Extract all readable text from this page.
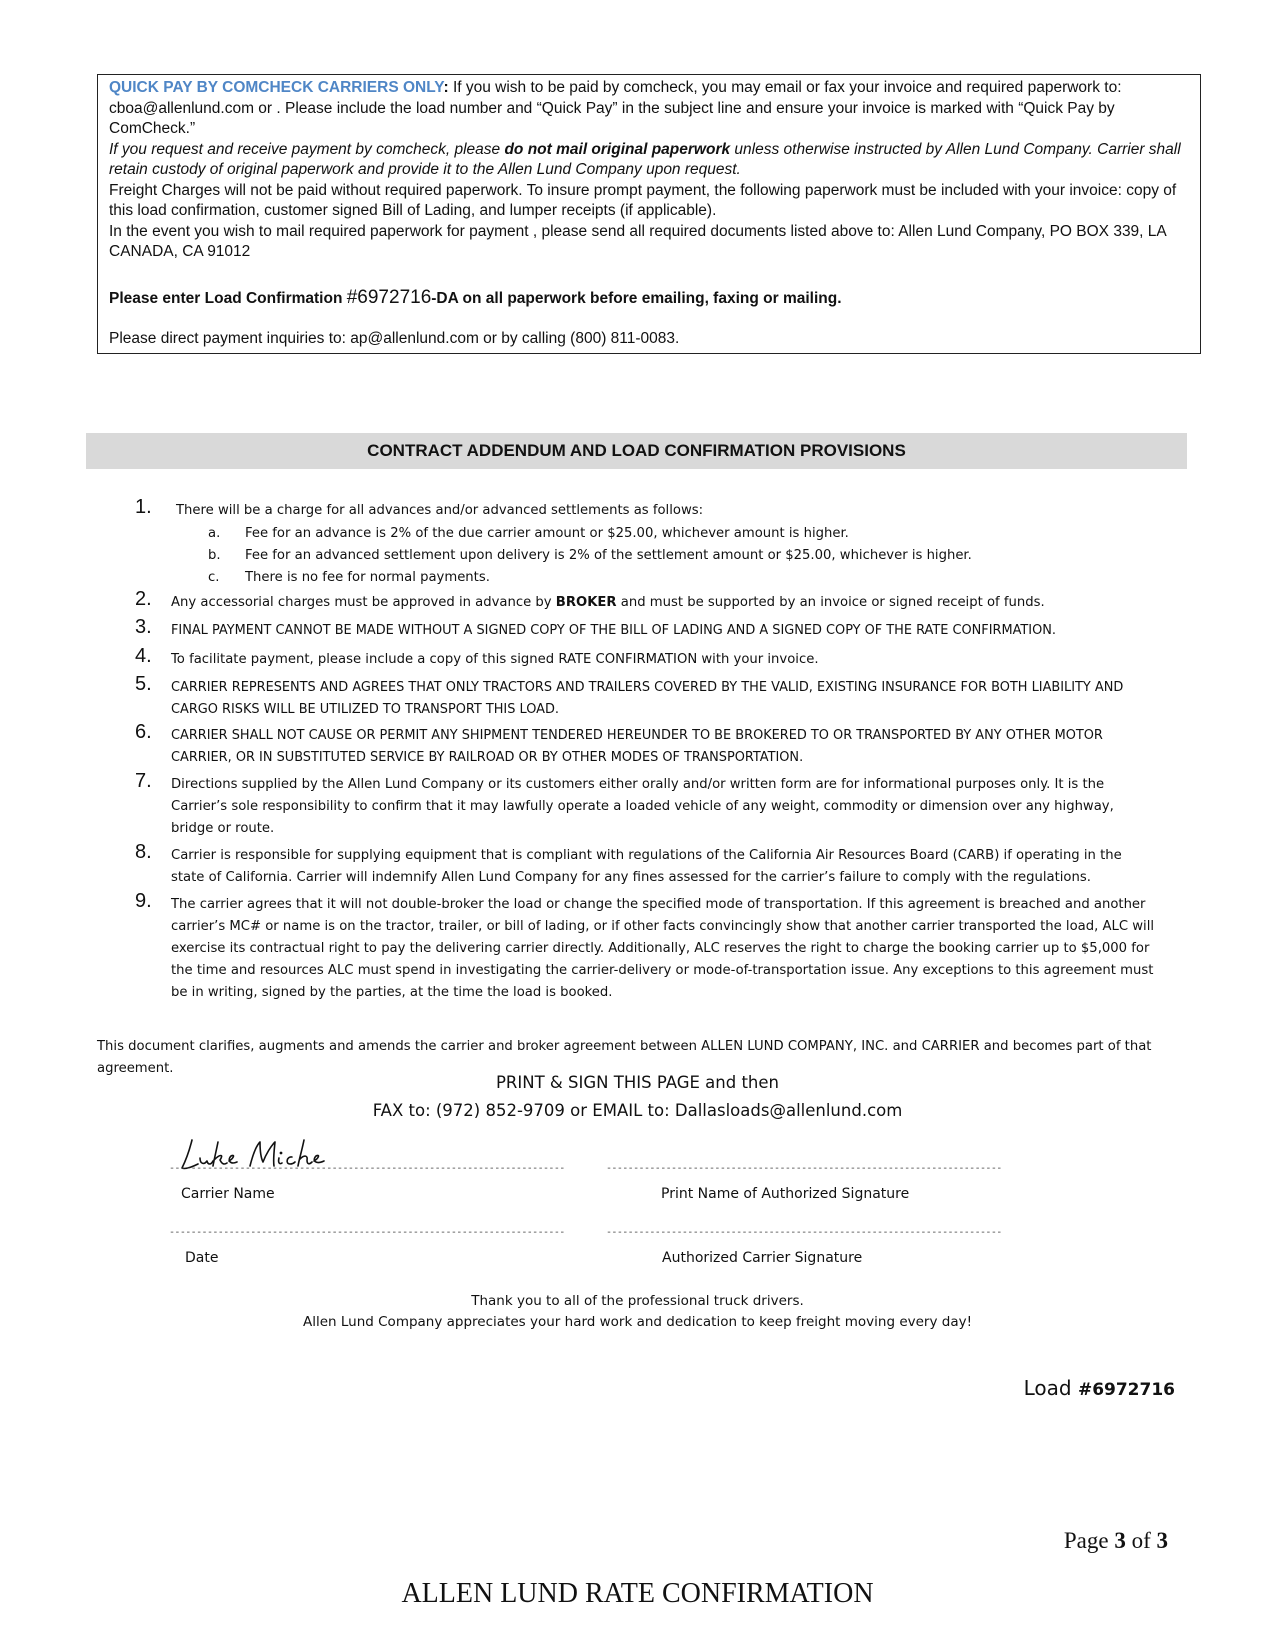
QUICK PAY BY COMCHECK CARRIERS ONLY: If you wish to be paid by comcheck, you may email or fax your invoice and required paperwork to: cboa@allenlund.com or . Please include the load number and “Quick Pay” in the subject line and ensure your invoice is marked with “Quick Pay by ComCheck.”

If you request and receive payment by comcheck, please do not mail original paperwork unless otherwise instructed by Allen Lund Company. Carrier shall retain custody of original paperwork and provide it to the Allen Lund Company upon request.

Freight Charges will not be paid without required paperwork. To insure prompt payment, the following paperwork must be included with your invoice: copy of this load confirmation, customer signed Bill of Lading, and lumper receipts (if applicable).

In the event you wish to mail required paperwork for payment , please send all required documents listed above to: Allen Lund Company, PO BOX 339, LA CANADA, CA 91012

Please enter Load Confirmation #6972716-DA on all paperwork before emailing, faxing or mailing.

Please direct payment inquiries to: ap@allenlund.com or by calling (800) 811-0083.

CONTRACT ADDENDUM AND LOAD CONFIRMATION PROVISIONS
1. There will be a charge for all advances and/or advanced settlements as follows:
a. Fee for an advance is 2% of the due carrier amount or $25.00, whichever amount is higher.
b. Fee for an advanced settlement upon delivery is 2% of the settlement amount or $25.00, whichever is higher.
c. There is no fee for normal payments.
2. Any accessorial charges must be approved in advance by BROKER and must be supported by an invoice or signed receipt of funds.
3. FINAL PAYMENT CANNOT BE MADE WITHOUT A SIGNED COPY OF THE BILL OF LADING AND A SIGNED COPY OF THE RATE CONFIRMATION.
4. To facilitate payment, please include a copy of this signed RATE CONFIRMATION with your invoice.
5. CARRIER REPRESENTS AND AGREES THAT ONLY TRACTORS AND TRAILERS COVERED BY THE VALID, EXISTING INSURANCE FOR BOTH LIABILITY AND
CARGO RISKS WILL BE UTILIZED TO TRANSPORT THIS LOAD.
6. CARRIER SHALL NOT CAUSE OR PERMIT ANY SHIPMENT TENDERED HEREUNDER TO BE BROKERED TO OR TRANSPORTED BY ANY OTHER MOTOR
CARRIER, OR IN SUBSTITUTED SERVICE BY RAILROAD OR BY OTHER MODES OF TRANSPORTATION.
7. Directions supplied by the Allen Lund Company or its customers either orally and/or written form are for informational purposes only. It is the
Carrier’s sole responsibility to confirm that it may lawfully operate a loaded vehicle of any weight, commodity or dimension over any highway,
bridge or route.
8. Carrier is responsible for supplying equipment that is compliant with regulations of the California Air Resources Board (CARB) if operating in the
state of California. Carrier will indemnify Allen Lund Company for any fines assessed for the carrier’s failure to comply with the regulations.
9. The carrier agrees that it will not double-broker the load or change the specified mode of transportation. If this agreement is breached and another
carrier’s MC# or name is on the tractor, trailer, or bill of lading, or if other facts convincingly show that another carrier transported the load, ALC will
exercise its contractual right to pay the delivering carrier directly. Additionally, ALC reserves the right to charge the booking carrier up to $5,000 for
the time and resources ALC must spend in investigating the carrier-delivery or mode-of-transportation issue. Any exceptions to this agreement must
be in writing, signed by the parties, at the time the load is booked.
This document clarifies, augments and amends the carrier and broker agreement between ALLEN LUND COMPANY, INC. and CARRIER and becomes part of that agreement.
PRINT & SIGN THIS PAGE and then
FAX to: (972) 852-9709 or EMAIL to: Dallasloads@allenlund.com
-------------------------------------------------------------------------	-------------------------------------------------------------------------
Carrier Name	Print Name of Authorized Signature
-------------------------------------------------------------------------	-------------------------------------------------------------------------
Date	Authorized Carrier Signature
Thank you to all of the professional truck drivers.
Allen Lund Company appreciates your hard work and dedication to keep freight moving every day!
Load #6972716
Page 3 of 3
ALLEN LUND RATE CONFIRMATION
